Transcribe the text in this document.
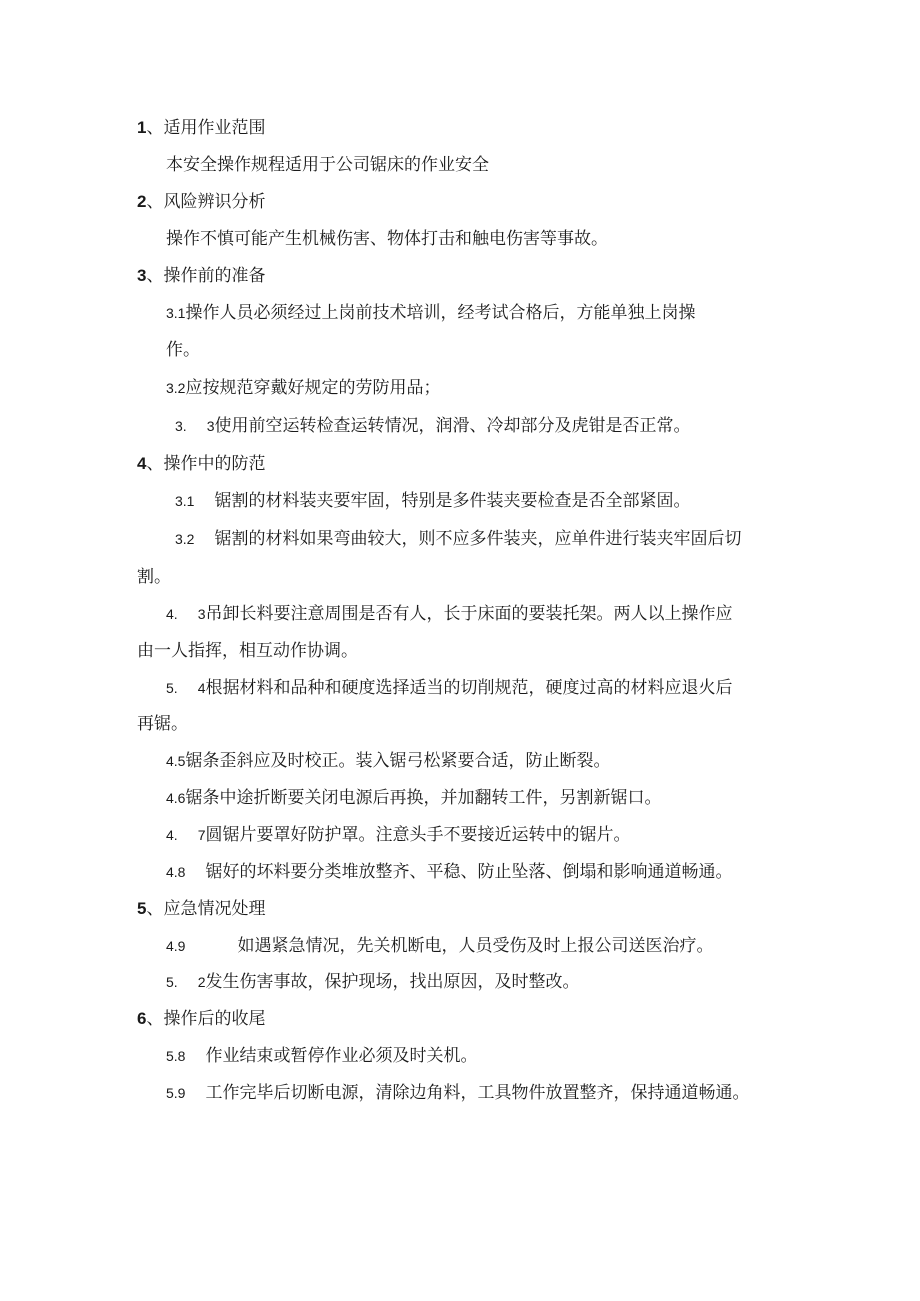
1、适用作业范围
本安全操作规程适用于公司锯床的作业安全
2、风险辨识分析
操作不慎可能产生机械伤害、物体打击和触电伤害等事故。
3、操作前的准备
3.1操作人员必须经过上岗前技术培训，经考试合格后，方能单独上岗操
作。
3.2应按规范穿戴好规定的劳防用品；
3. 3使用前空运转检查运转情况，润滑、冷却部分及虎钳是否正常。
4、操作中的防范
3.1 锯割的材料装夹要牢固，特别是多件装夹要检查是否全部紧固。
3.2 锯割的材料如果弯曲较大，则不应多件装夹，应单件进行装夹牢固后切
割。
4. 3吊卸长料要注意周围是否有人，长于床面的要装托架。两人以上操作应
由一人指挥，相互动作协调。
5. 4根据材料和品种和硬度选择适当的切削规范，硬度过高的材料应退火后
再锯。
4.5锯条歪斜应及时校正。装入锯弓松紧要合适，防止断裂。
4.6锯条中途折断要关闭电源后再换，并加翻转工件，另割新锯口。
4. 7圆锯片要罩好防护罩。注意头手不要接近运转中的锯片。
4.8 锯好的坏料要分类堆放整齐、平稳、防止坠落、倒塌和影响通道畅通。
5、应急情况处理
4.9	如遇紧急情况，先关机断电，人员受伤及时上报公司送医治疗。
5. 2发生伤害事故，保护现场，找出原因，及时整改。
6、操作后的收尾
5.8 作业结束或暂停作业必须及时关机。
5.9 工作完毕后切断电源，清除边角料，工具物件放置整齐，保持通道畅通。
